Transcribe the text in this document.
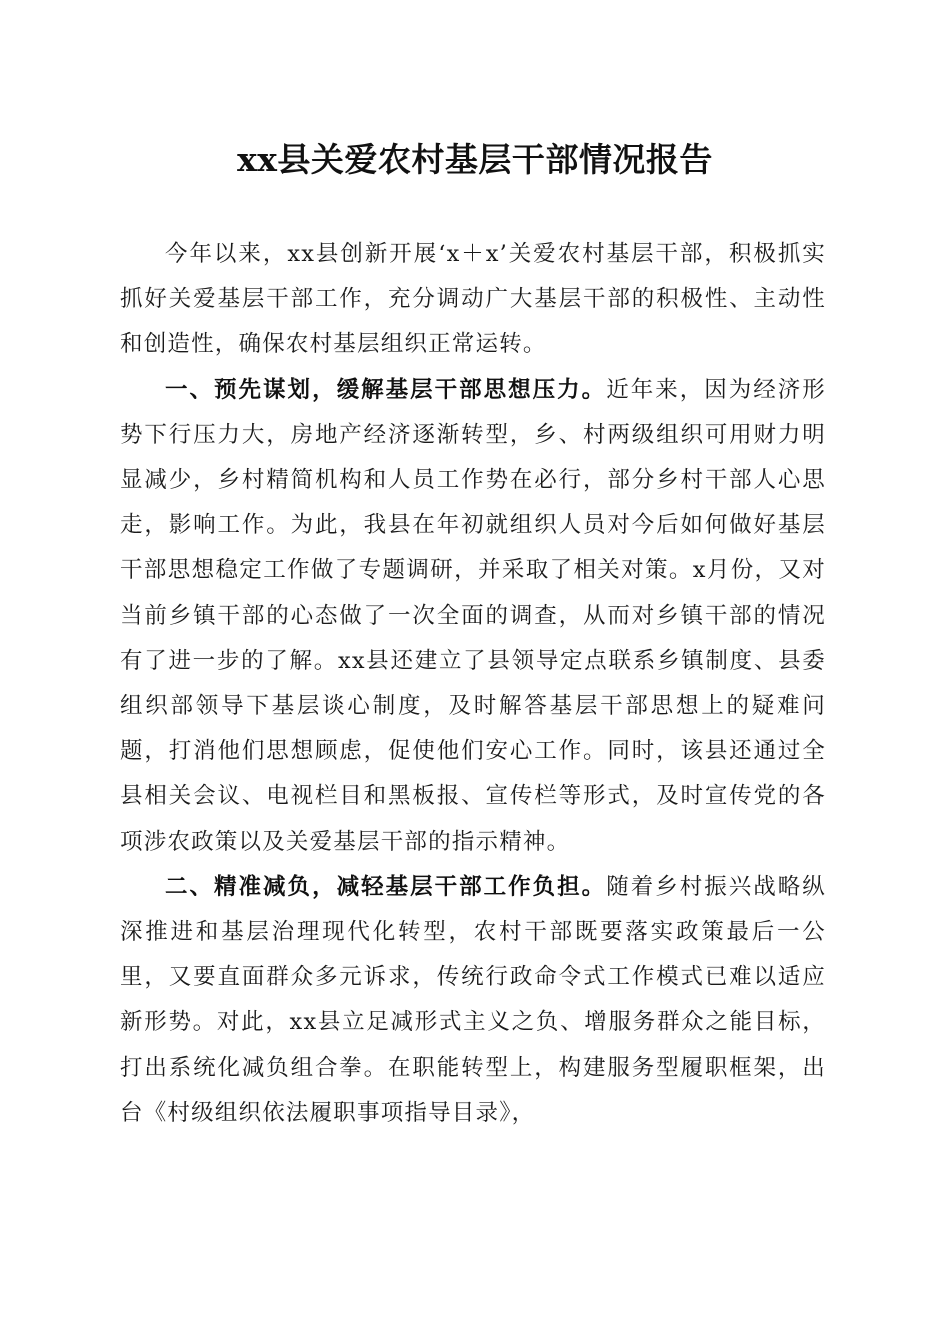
xx县关爱农村基层干部情况报告

今年以来，xx县创新开展‘x＋x’关爱农村基层干部，积极抓实抓好关爱基层干部工作，充分调动广大基层干部的积极性、主动性和创造性，确保农村基层组织正常运转。

一、预先谋划，缓解基层干部思想压力。近年来，因为经济形势下行压力大，房地产经济逐渐转型，乡、村两级组织可用财力明显减少，乡村精简机构和人员工作势在必行，部分乡村干部人心思走，影响工作。为此，我县在年初就组织人员对今后如何做好基层干部思想稳定工作做了专题调研，并采取了相关对策。x月份，又对当前乡镇干部的心态做了一次全面的调查，从而对乡镇干部的情况有了进一步的了解。xx县还建立了县领导定点联系乡镇制度、县委组织部领导下基层谈心制度，及时解答基层干部思想上的疑难问题，打消他们思想顾虑，促使他们安心工作。同时，该县还通过全县相关会议、电视栏目和黑板报、宣传栏等形式，及时宣传党的各项涉农政策以及关爱基层干部的指示精神。

二、精准减负，减轻基层干部工作负担。随着乡村振兴战略纵深推进和基层治理现代化转型，农村干部既要落实政策最后一公里，又要直面群众多元诉求，传统行政命令式工作模式已难以适应新形势。对此，xx县立足减形式主义之负、增服务群众之能目标，打出系统化减负组合拳。在职能转型上，构建服务型履职框架，出台《村级组织依法履职事项指导目录》，
